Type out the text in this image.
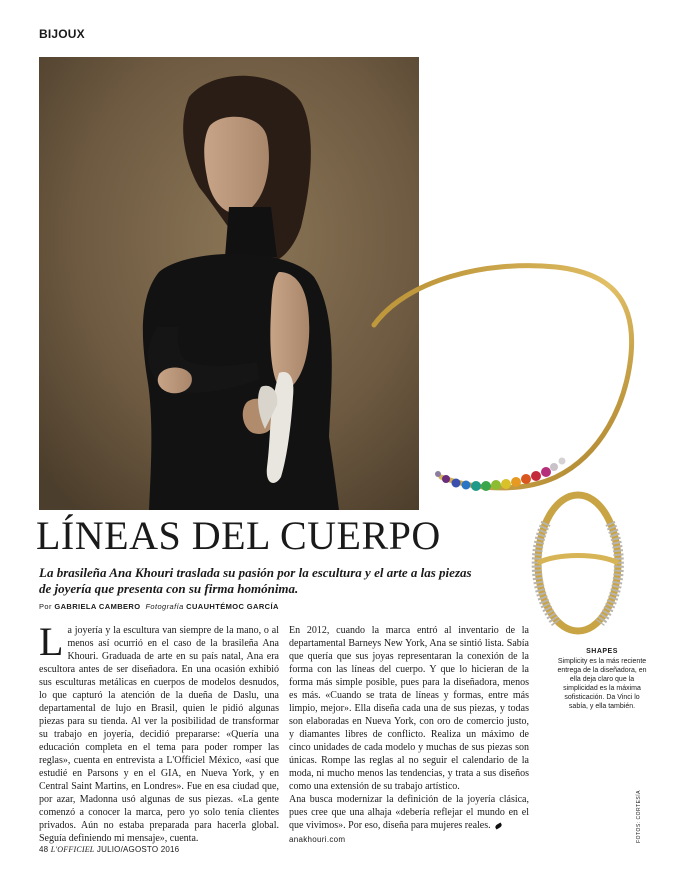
BIJOUX
LÍNEAS DEL CUERPO
La brasileña Ana Khouri traslada su pasión por la escultura y el arte a las piezas de joyería que presenta con su firma homónima.
Por GABRIELA CAMBERO Fotografía CUAUHTÉMOC GARCÍA
L a joyería y la escultura van siempre de la mano, o al menos así ocurrió en el caso de la brasileña Ana Khouri. Graduada de arte en su país natal, Ana era escultora antes de ser diseñadora. En una ocasión exhibió sus esculturas metálicas en cuerpos de modelos desnudos, lo que capturó la atención de la dueña de Daslu, una departamental de lujo en Brasil, quien le pidió algunas piezas para su tienda. Al ver la posibilidad de transformar su trabajo en joyería, decidió prepararse: «Quería una educación completa en el tema para poder romper las reglas», cuenta en entrevista a L'Officiel México, «así que estudié en Parsons y en el GIA, en Nueva York, y en Central Saint Martins, en Londres». Fue en esa ciudad que, por azar, Madonna usó algunas de sus piezas. «La gente comenzó a conocer la marca, pero yo solo tenía clientes privados. Aún no estaba preparada para hacerla global. Seguía definiendo mi mensaje», cuenta.

En 2012, cuando la marca entró al inventario de la departamental Barneys New York, Ana se sintió lista. Sabía que quería que sus joyas representaran la conexión de la forma con las líneas del cuerpo. Y que lo hicieran de la forma más simple posible, pues para la diseñadora, menos es más. «Cuando se trata de líneas y formas, entre más limpio, mejor». Ella diseña cada una de sus piezas, y todas son elaboradas en Nueva York, con oro de comercio justo, y diamantes libres de conflicto. Realiza un máximo de cinco unidades de cada modelo y muchas de sus piezas son únicas. Rompe las reglas al no seguir el calendario de la moda, ni mucho menos las tendencias, y trata a sus diseños como una extensión de su trabajo artístico.

Ana busca modernizar la definición de la joyería clásica, pues cree que una alhaja «debería reflejar el mundo en el que vivimos». Por eso, diseña para mujeres reales.

anakhouri.com
SHAPES
Simplicity es la más reciente entrega de la diseñadora, en ella deja claro que la simplicidad es la máxima sofisticación. Da Vinci lo sabía, y ella también.
FOTOS: CORTESÍA
48 L'OFFICIEL JULIO/AGOSTO 2016
